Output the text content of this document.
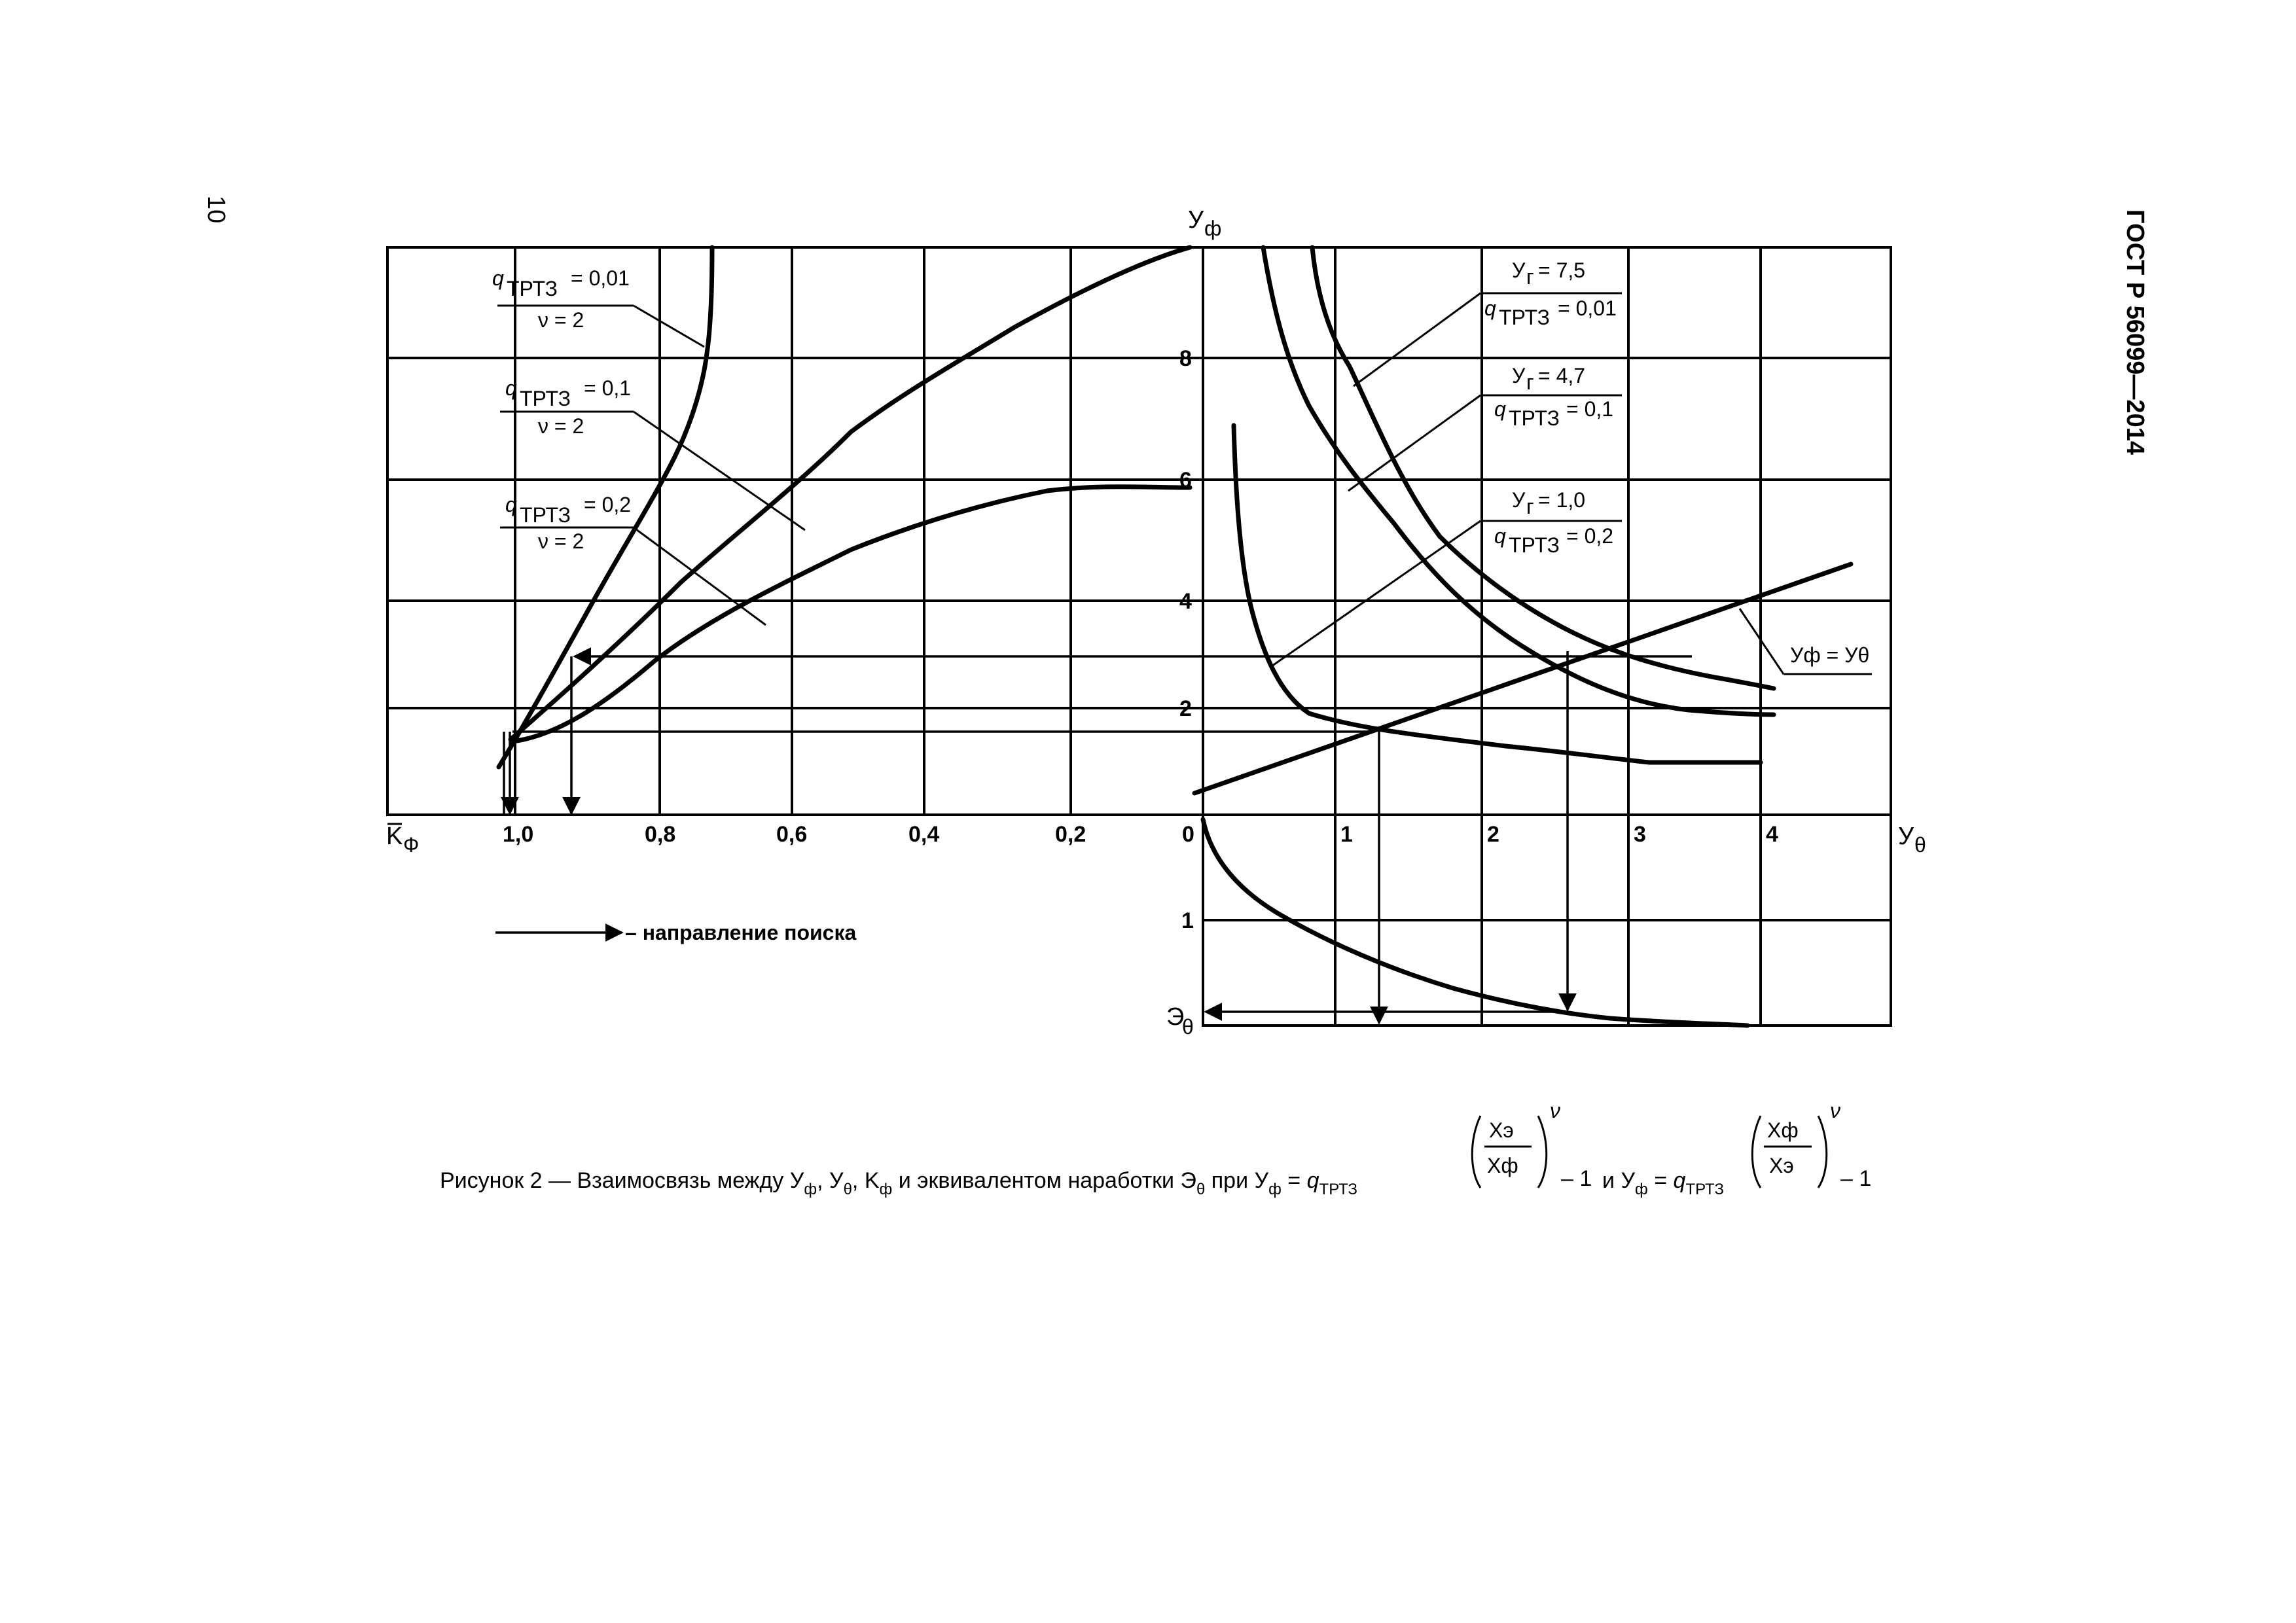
10	ГОСТ Р 56099—2014
У ф
K Ф	У θ
Э
θ
1,0	0,8	0,6	0,4	0,2	0	1	2	3	4
8
6
4
2
1
q ТРТЗ = 0,01
ν = 2
q ТРТЗ = 0,1
ν = 2
q ТРТЗ = 0,2
ν = 2
У г = 7,5
q ТРТЗ = 0,01
У г = 4,7
q ТРТЗ = 0,1
У г = 1,0
q ТРТЗ = 0,2
Уф = Уθ
– направление поиска
Рисунок 2 — Взаимосвязь между $У_ф$, $У_\theta$, $K_ф$ и эквивалентом наработки $Э_\theta$ при $У_ф = q_{ТРТЗ}$
Xэ
Xф
ν
– 1 и $У_ф = q_{ТРТЗ}$
Xф
Xэ
ν
– 1
